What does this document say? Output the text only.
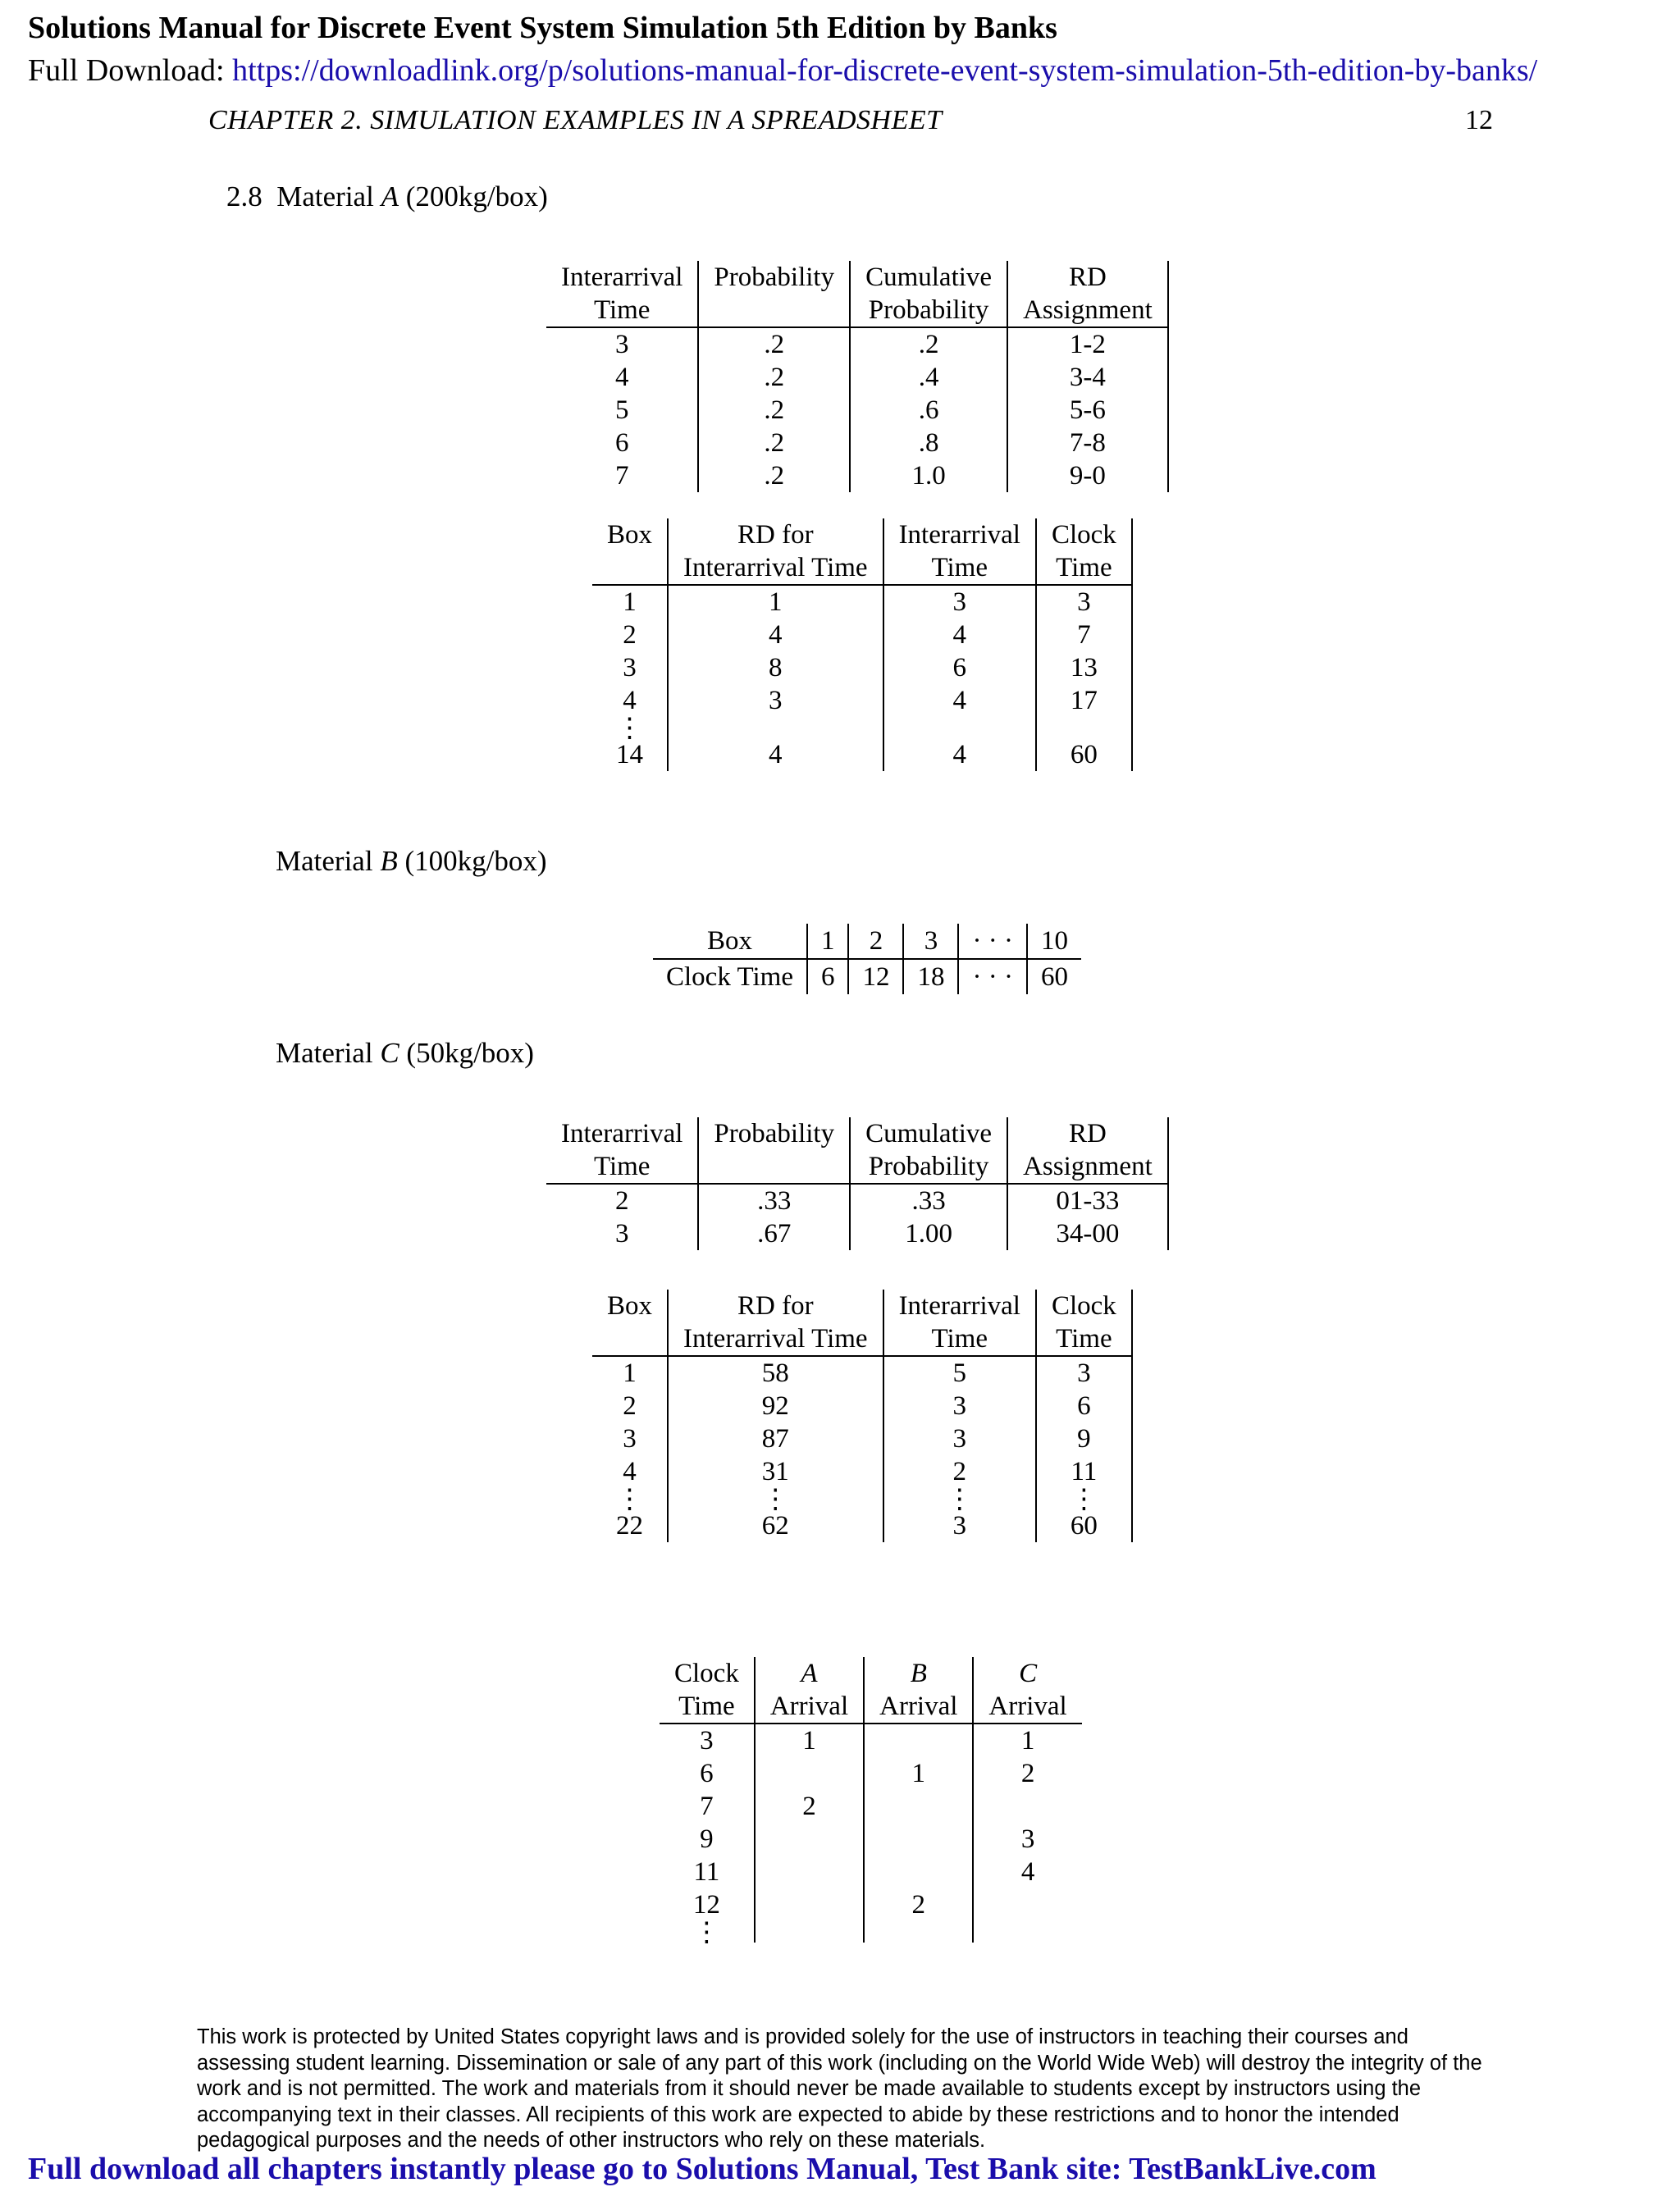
Solutions Manual for Discrete Event System Simulation 5th Edition by Banks
Full Download: https://downloadlink.org/p/solutions-manual-for-discrete-event-system-simulation-5th-edition-by-banks/
CHAPTER 2. SIMULATION EXAMPLES IN A SPREADSHEET	12
2.8 Material A (200kg/box)
Interarrival	Probability	Cumulative	RD
Time		Probability	Assignment
3	.2	.2	1-2
4	.2	.4	3-4
5	.2	.6	5-6
6	.2	.8	7-8
7	.2	1.0	9-0
Box	RD for	Interarrival	Clock
	Interarrival Time	Time	Time
1	1	3	3
2	4	4	7
3	8	6	13
4	3	4	17
⋮			
14	4	4	60
Material B (100kg/box)
Box	1	2	3	· · ·	10
Clock Time	6	12	18	· · ·	60
Material C (50kg/box)
Interarrival	Probability	Cumulative	RD
Time		Probability	Assignment
2	.33	.33	01-33
3	.67	1.00	34-00
Box	RD for	Interarrival	Clock
	Interarrival Time	Time	Time
1	58	5	3
2	92	3	6
3	87	3	9
4	31	2	11
⋮	⋮	⋮	⋮
22	62	3	60
Clock	A	B	C
Time	Arrival	Arrival	Arrival
3	1		1
6		1	2
7	2		
9			3
11			4
12		2	
⋮			
This work is protected by United States copyright laws and is provided solely for the use of instructors in teaching their courses and assessing student learning. Dissemination or sale of any part of this work (including on the World Wide Web) will destroy the integrity of the work and is not permitted. The work and materials from it should never be made available to students except by instructors using the accompanying text in their classes. All recipients of this work are expected to abide by these restrictions and to honor the intended pedagogical purposes and the needs of other instructors who rely on these materials.
Full download all chapters instantly please go to Solutions Manual, Test Bank site: TestBankLive.com
